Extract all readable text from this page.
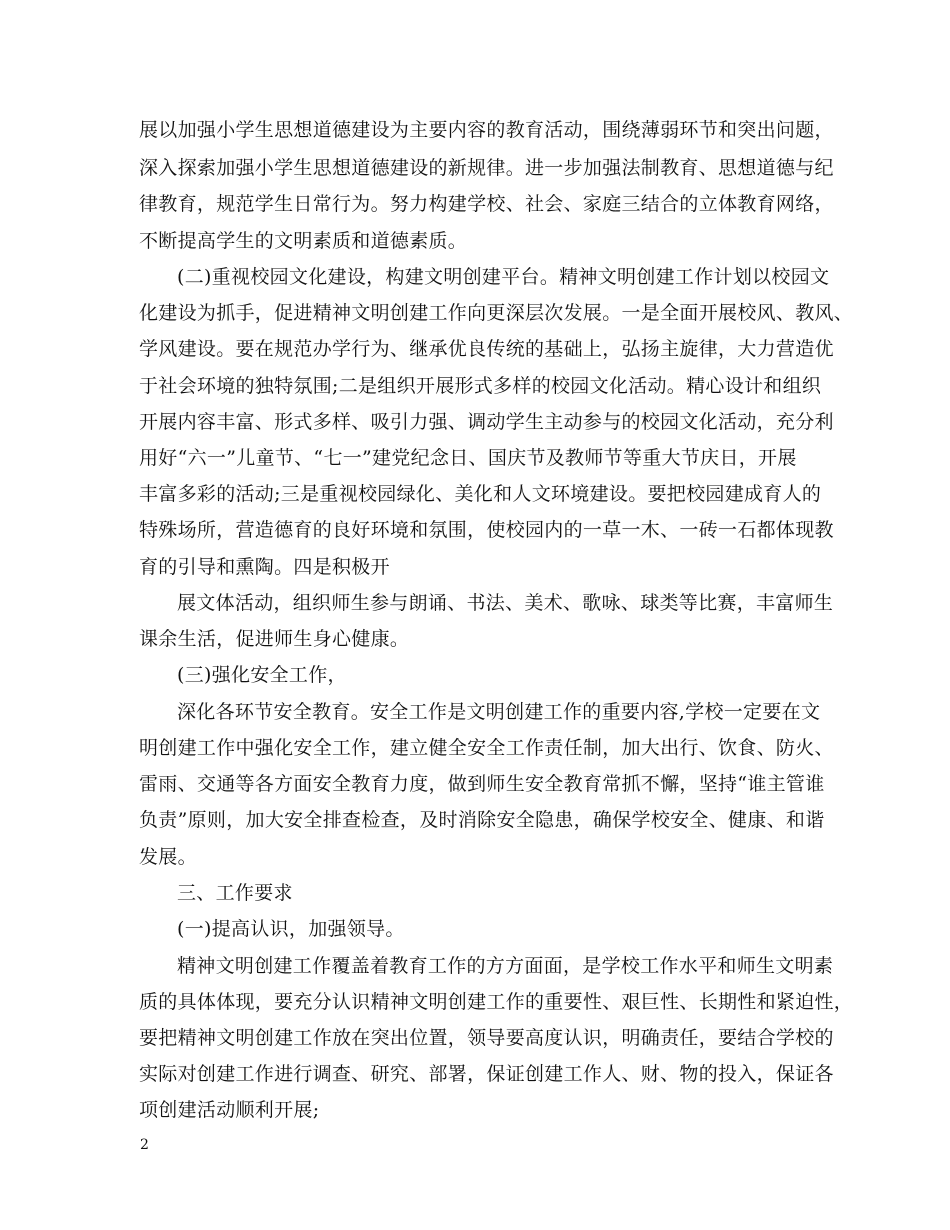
展以加强小学生思想道德建设为主要内容的教育活动，围绕薄弱环节和突出问题，
深入探索加强小学生思想道德建设的新规律。进一步加强法制教育、思想道德与纪
律教育，规范学生日常行为。努力构建学校、社会、家庭三结合的立体教育网络，
不断提高学生的文明素质和道德素质。
(二)重视校园文化建设，构建文明创建平台。精神文明创建工作计划以校园文
化建设为抓手，促进精神文明创建工作向更深层次发展。一是全面开展校风、教风、
学风建设。要在规范办学行为、继承优良传统的基础上，弘扬主旋律，大力营造优
于社会环境的独特氛围;二是组织开展形式多样的校园文化活动。精心设计和组织
开展内容丰富、形式多样、吸引力强、调动学生主动参与的校园文化活动，充分利
用好“六一”儿童节、“七一”建党纪念日、国庆节及教师节等重大节庆日，开展
丰富多彩的活动;三是重视校园绿化、美化和人文环境建设。要把校园建成育人的
特殊场所，营造德育的良好环境和氛围，使校园内的一草一木、一砖一石都体现教
育的引导和熏陶。四是积极开
展文体活动，组织师生参与朗诵、书法、美术、歌咏、球类等比赛，丰富师生
课余生活，促进师生身心健康。
(三)强化安全工作，
深化各环节安全教育。安全工作是文明创建工作的重要内容,学校一定要在文
明创建工作中强化安全工作，建立健全安全工作责任制，加大出行、饮食、防火、
雷雨、交通等各方面安全教育力度，做到师生安全教育常抓不懈，坚持“谁主管谁
负责”原则，加大安全排查检查，及时消除安全隐患，确保学校安全、健康、和谐
发展。
三、工作要求
(一)提高认识，加强领导。
精神文明创建工作覆盖着教育工作的方方面面，是学校工作水平和师生文明素
质的具体体现，要充分认识精神文明创建工作的重要性、艰巨性、长期性和紧迫性，
要把精神文明创建工作放在突出位置，领导要高度认识，明确责任，要结合学校的
实际对创建工作进行调查、研究、部署，保证创建工作人、财、物的投入，保证各
项创建活动顺利开展;
2
